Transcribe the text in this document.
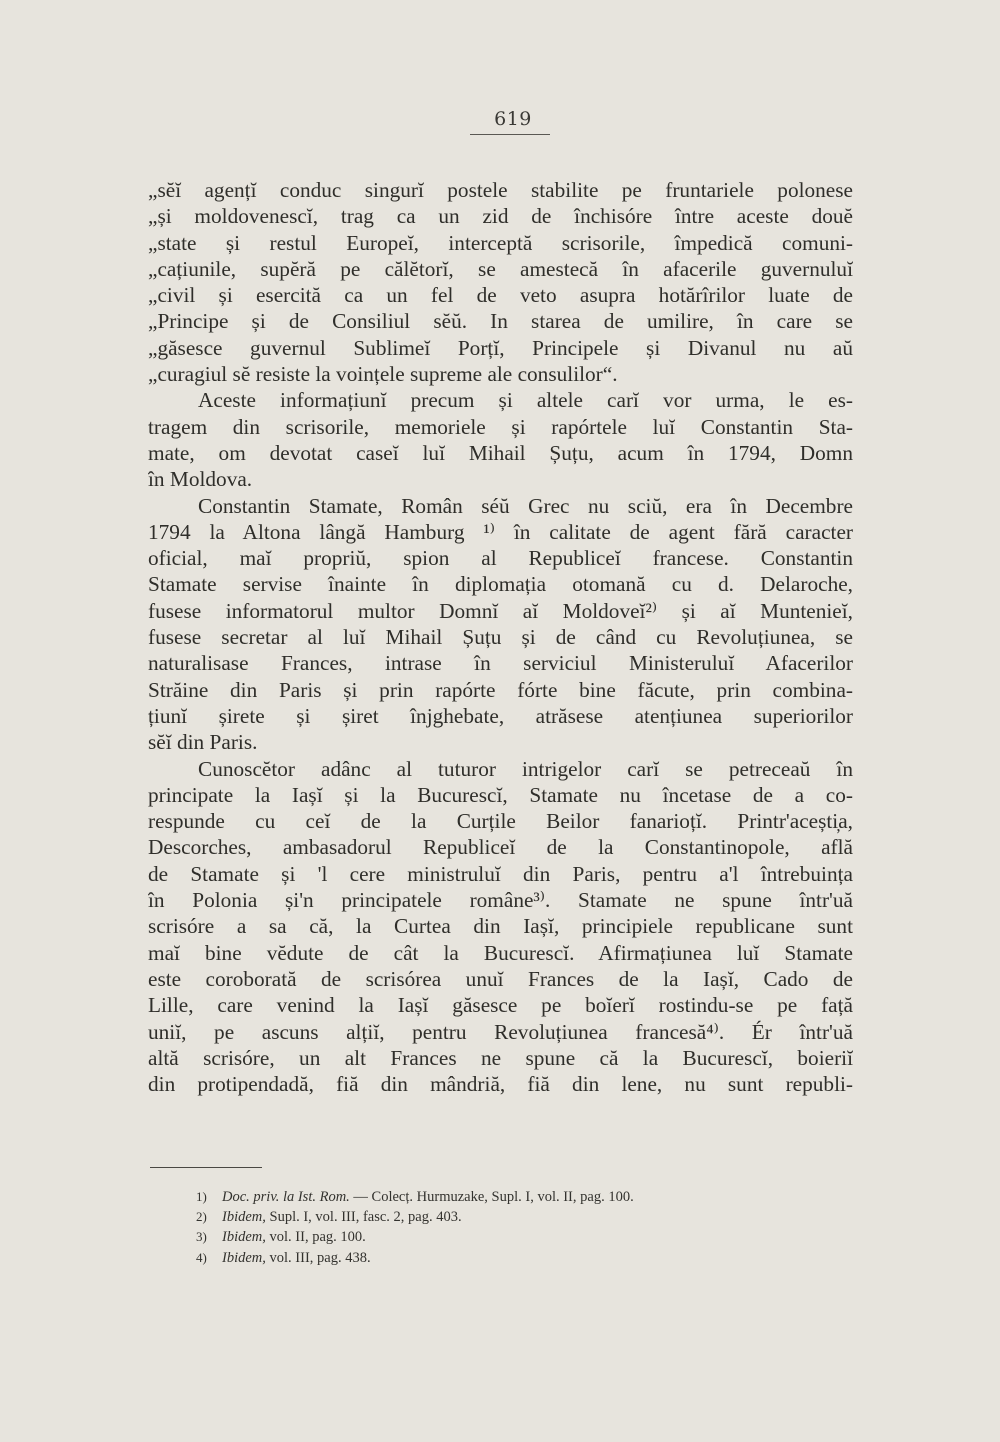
619
„sĕĭ agențĭ conduc singurĭ postele stabilite pe fruntariele polonese
„și moldovenescĭ, trag ca un zid de închisóre între aceste douĕ
„state și restul Europeĭ, interceptă scrisorile, împedică comuni-
„cațiunile, supĕră pe călĕtorĭ, se amestecă în afacerile guvernuluĭ
„civil și esercită ca un fel de veto asupra hotărîrilor luate de
„Principe și de Consiliul sĕŭ. In starea de umilire, în care se
„găsesce guvernul Sublimeĭ Porțĭ, Principele și Divanul nu aŭ
„curagiul sĕ resiste la voințele supreme ale consulilor“.
Aceste informațiunĭ precum și altele carĭ vor urma, le es-
tragem din scrisorile, memoriele și rapórtele luĭ Constantin Sta-
mate, om devotat caseĭ luĭ Mihail Șuțu, acum în 1794, Domn
în Moldova.
Constantin Stamate, Român séŭ Grec nu sciŭ, era în Decembre
1794 la Altona lângă Hamburg ¹⁾ în calitate de agent fără caracter
oficial, maĭ propriŭ, spion al Republiceĭ francese. Constantin
Stamate servise înainte în diplomația otomană cu d. Delaroche,
fusese informatorul multor Domnĭ aĭ Moldoveĭ²⁾ și aĭ Munteniеĭ,
fusese secretar al luĭ Mihail Șuțu și de când cu Revoluțiunea, se
naturalisase Frances, intrase în serviciul Ministeruluĭ Afacerilor
Străine din Paris și prin rapórte fórte bine făcute, prin combina-
țiunĭ șirete și șiret înjghebate, atrăsese atențiunea superiorilor
sĕĭ din Paris.
Cunoscĕtor adânc al tuturor intrigelor carĭ se petreceaŭ în
principate la Iașĭ și la Bucurescĭ, Stamate nu încetase de a co-
respunde cu ceĭ de la Curțile Beilor fanarioțĭ. Printr'acești̦a,
Descorches, ambasadorul Republiceĭ de la Constantinopole, află
de Stamate și 'l cere ministruluĭ din Paris, pentru a'l întrebuința
în Polonia și'n principatele române³⁾. Stamate ne spune într'uă
scrisóre a sa că, la Curtea din Iașĭ, principiele republicane sunt
maĭ bine vĕdute de cât la Bucurescĭ. Afirmațiunea luĭ Stamate
este coroborată de scrisórea unuĭ Frances de la Iașĭ, Cado de
Lille, care venind la Iașĭ găsesce pe boĭerĭ rostindu-se pe față
uniĭ, pe ascuns alțiĭ, pentru Revoluțiunea francesă⁴⁾. Ér într'uă
altă scrisóre, un alt Frances ne spune că la Bucurescĭ, boierіĭ
din protipendadă, fiă din mândriă, fiă din lene, nu sunt republi-
1) Doc. priv. la Ist. Rom. — Colecț. Hurmuzake, Supl. I, vol. II, pag. 100.
2) Ibidem, Supl. I, vol. III, fasc. 2, pag. 403.
3) Ibidem, vol. II, pag. 100.
4) Ibidem, vol. III, pag. 438.
